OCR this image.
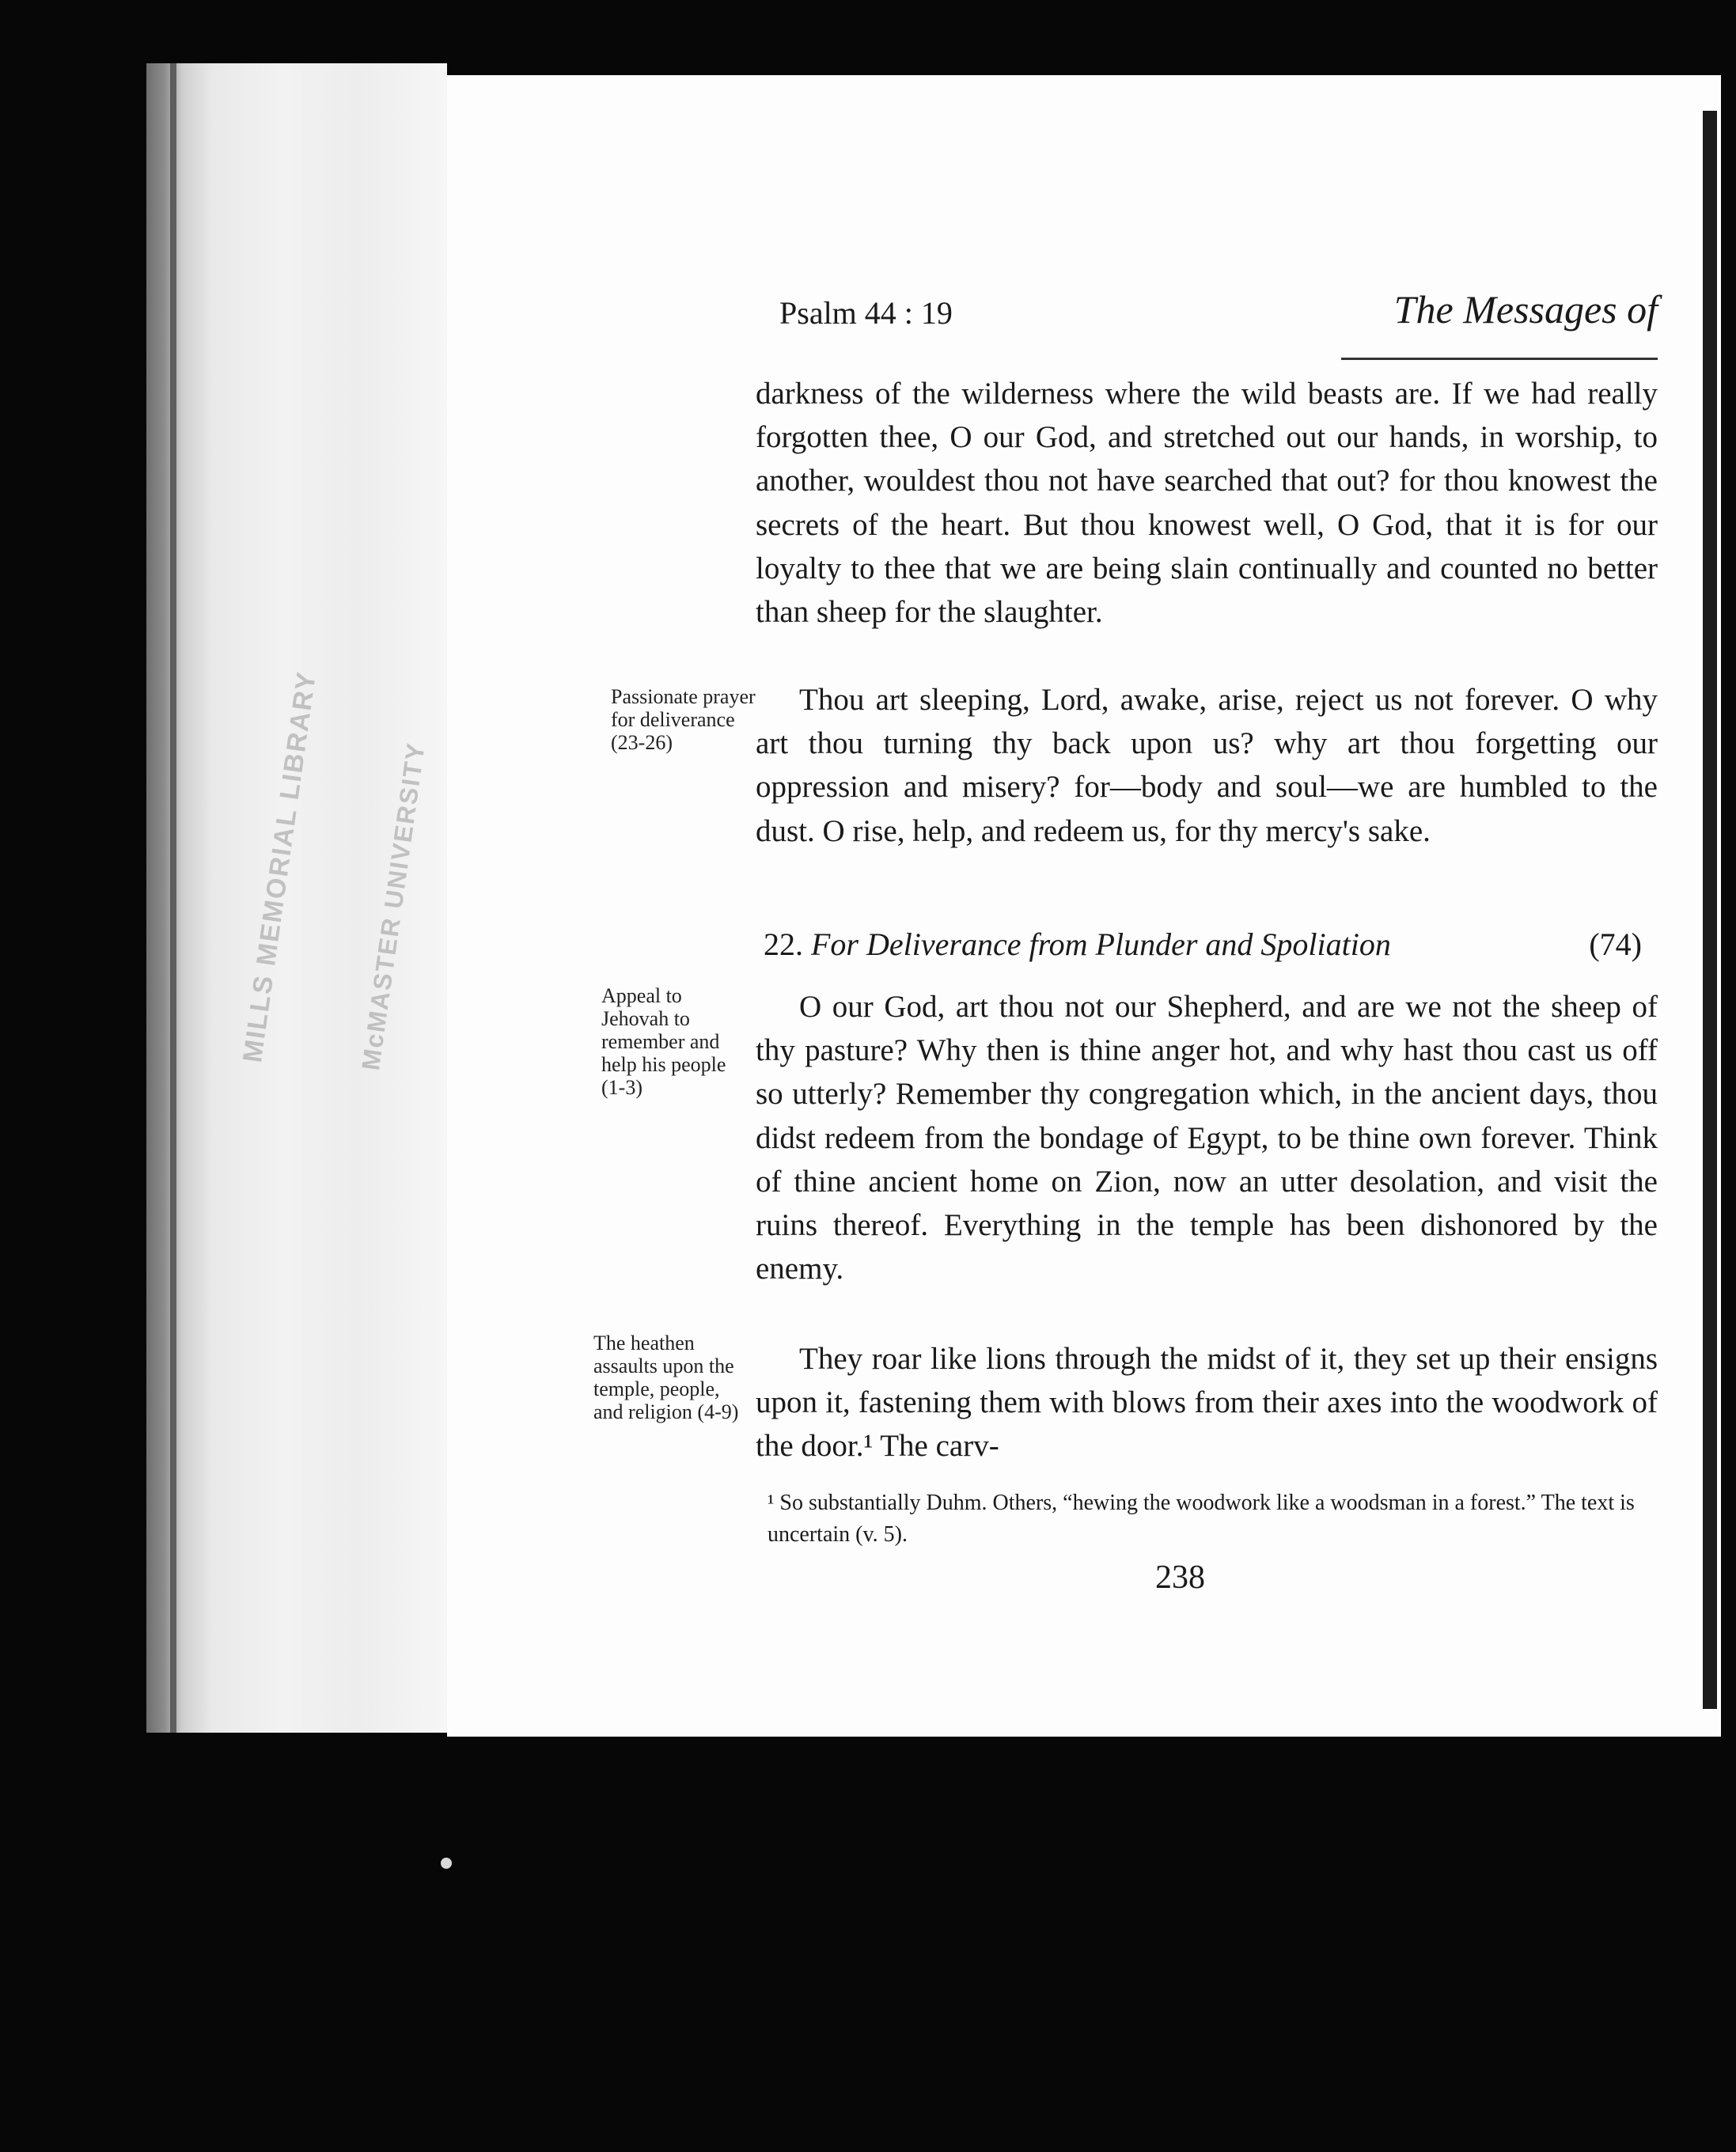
MILLS MEMORIAL LIBRARY McMASTER UNIVERSITY
Psalm 44 : 19	The Messages of

darkness of the wilderness where the wild beasts are. If we had really forgotten thee, O our God, and stretched out our hands, in worship, to another, wouldest thou not have searched that out? for thou knowest the secrets of the heart. But thou knowest well, O God, that it is for our loyalty to thee that we are being slain continually and counted no better than sheep for the slaughter.

Passionate prayer for deliverance (23-26)

Thou art sleeping, Lord, awake, arise, reject us not forever. O why art thou turning thy back upon us? why art thou forgetting our oppression and misery? for—body and soul—we are humbled to the dust. O rise, help, and redeem us, for thy mercy's sake.

22. For Deliverance from Plunder and Spoliation	(74)
Appeal to Jehovah to remember and help his people (1-3)

O our God, art thou not our Shepherd, and are we not the sheep of thy pasture? Why then is thine anger hot, and why hast thou cast us off so utterly? Remember thy congregation which, in the ancient days, thou didst redeem from the bondage of Egypt, to be thine own forever. Think of thine ancient home on Zion, now an utter desolation, and visit the ruins thereof. Everything in the temple has been dishonored by the enemy.

The heathen assaults upon the temple, people, and religion (4-9)

They roar like lions through the midst of it, they set up their ensigns upon it, fastening them with blows from their axes into the woodwork of the door.¹ The carv-

¹ So substantially Duhm. Others, “hewing the woodwork like a woodsman in a forest.” The text is uncertain (v. 5).
238
